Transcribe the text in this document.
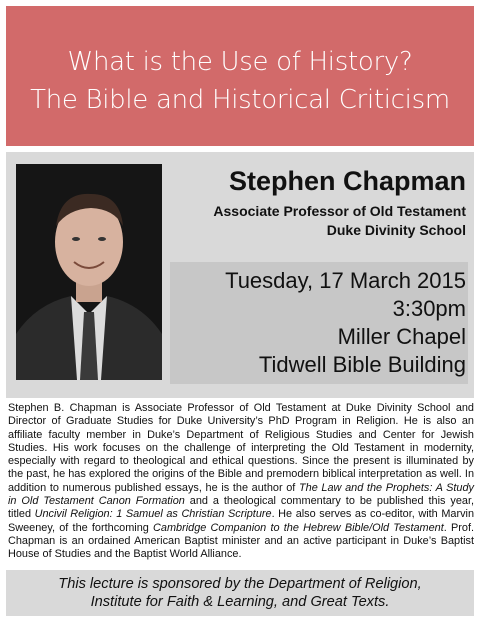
What is the Use of History?
The Bible and Historical Criticism
Stephen Chapman
Associate Professor of Old Testament
Duke Divinity School
Tuesday, 17 March 2015
3:30pm
Miller Chapel
Tidwell Bible Building
Stephen B. Chapman is Associate Professor of Old Testament at Duke Divinity School and Director of Graduate Studies for Duke University’s PhD Program in Religion. He is also an affiliate faculty member in Duke’s Department of Religious Studies and Center for Jewish Studies. His work focuses on the challenge of interpreting the Old Testament in modernity, especially with regard to theological and ethical questions. Since the present is illuminated by the past, he has explored the origins of the Bible and premodern biblical interpretation as well. In addition to numerous published essays, he is the author of The Law and the Prophets: A Study in Old Testament Canon Formation and a theological commentary to be published this year, titled Uncivil Religion: 1 Samuel as Christian Scripture. He also serves as co-editor, with Marvin Sweeney, of the forthcoming Cambridge Companion to the Hebrew Bible/Old Testament. Prof. Chapman is an ordained American Baptist minister and an active participant in Duke’s Baptist House of Studies and the Baptist World Alliance.
This lecture is sponsored by the Department of Religion,
Institute for Faith & Learning, and Great Texts.
